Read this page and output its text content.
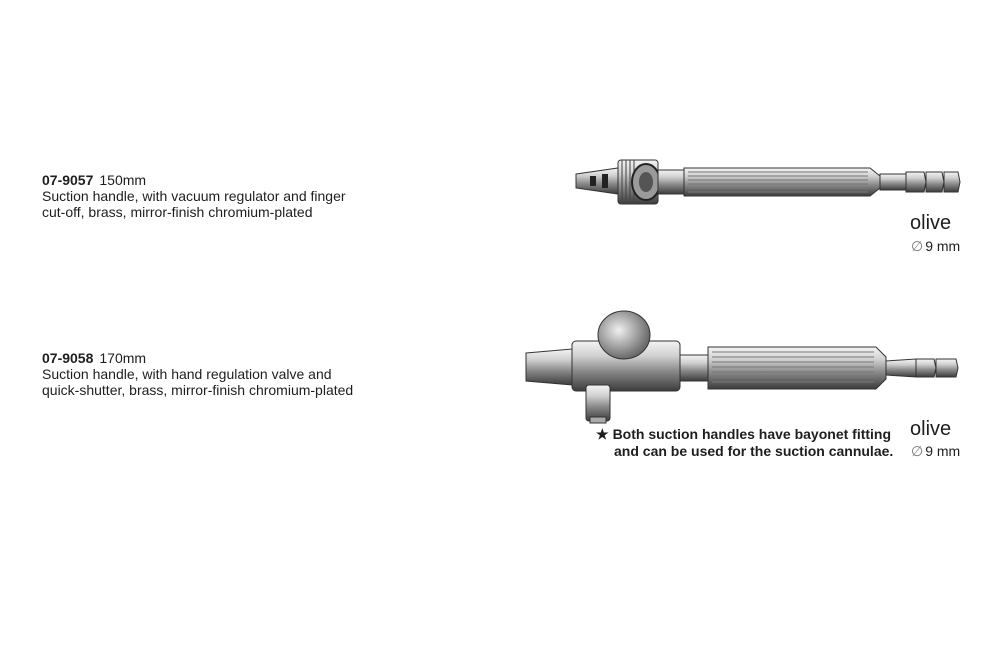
07-9057 150mm
Suction handle, with vacuum regulator and finger
cut-off, brass, mirror-finish chromium-plated
07-9058 170mm
Suction handle, with hand regulation valve and
quick-shutter, brass, mirror-finish chromium-plated
olive
∅ 9 mm
olive
∅ 9 mm
★ Both suction handles have bayonet fitting
and can be used for the suction cannulae.
